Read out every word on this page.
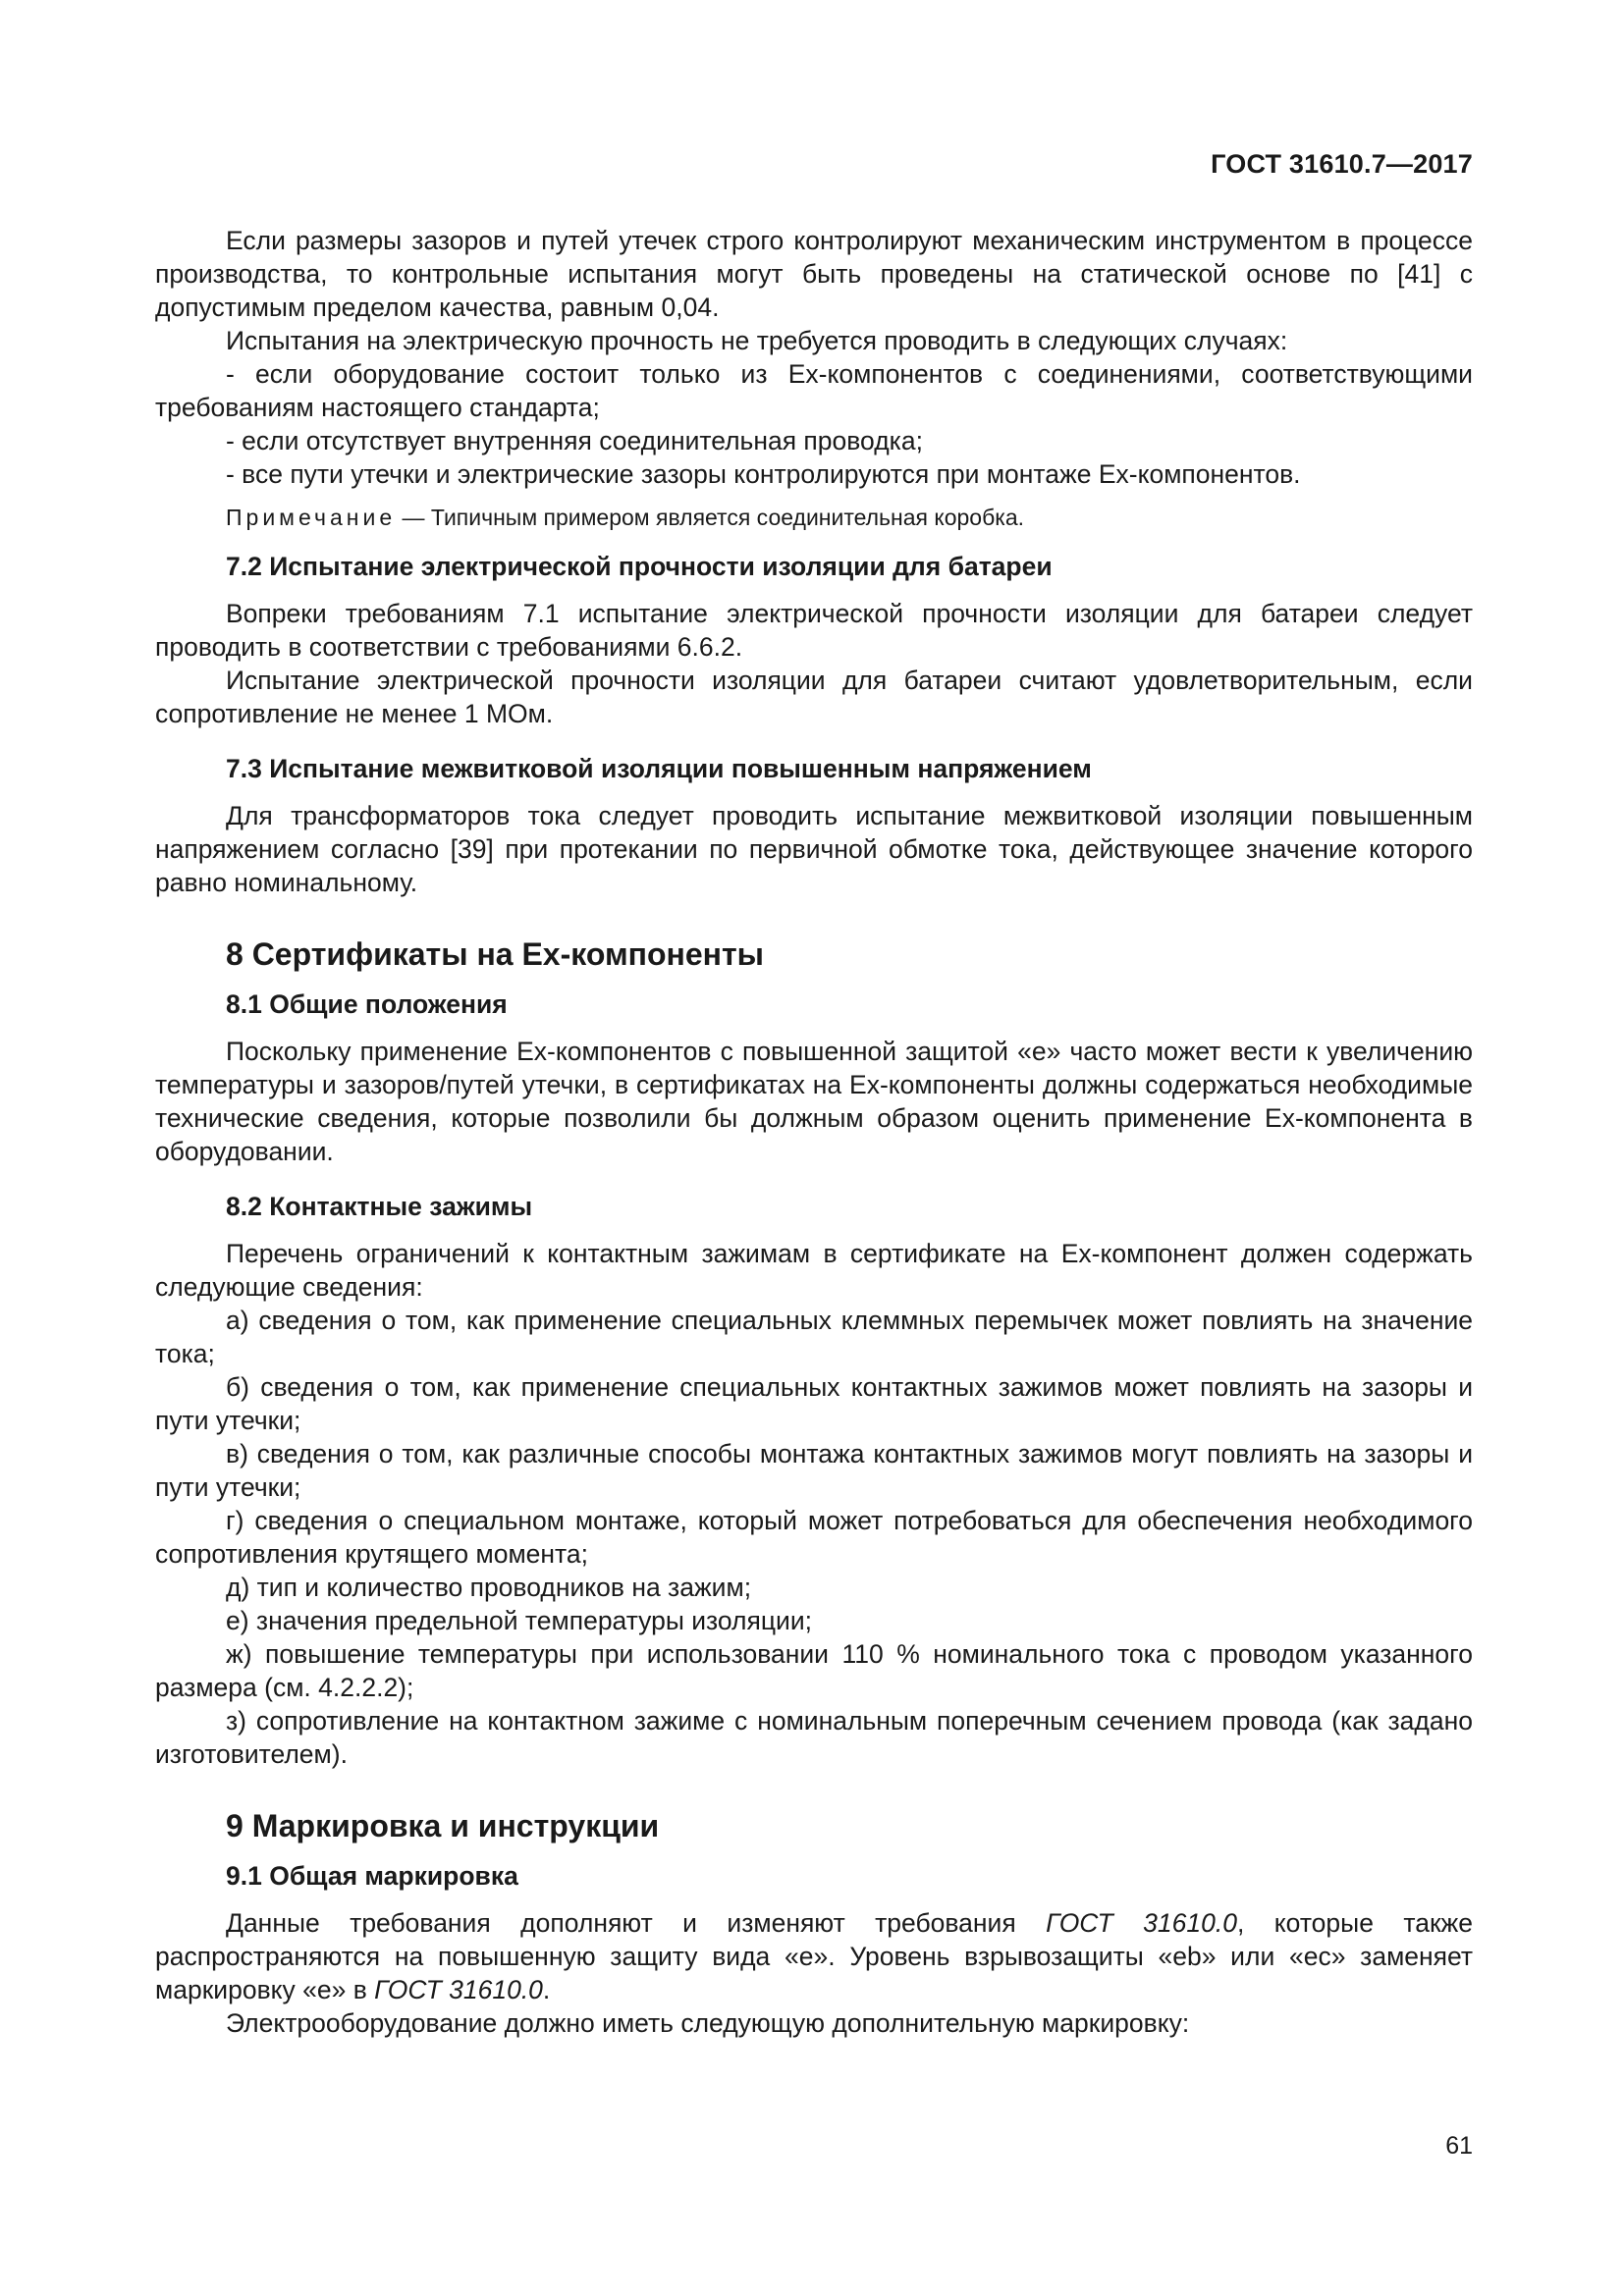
ГОСТ 31610.7—2017

Если размеры зазоров и путей утечек строго контролируют механическим инструментом в процессе производства, то контрольные испытания могут быть проведены на статической основе по [41] с допустимым пределом качества, равным 0,04.

Испытания на электрическую прочность не требуется проводить в следующих случаях:

- если оборудование состоит только из Ex-компонентов с соединениями, соответствующими требованиям настоящего стандарта;

- если отсутствует внутренняя соединительная проводка;

- все пути утечки и электрические зазоры контролируются при монтаже Ex-компонентов.

Примечание — Типичным примером является соединительная коробка.

7.2 Испытание электрической прочности изоляции для батареи

Вопреки требованиям 7.1 испытание электрической прочности изоляции для батареи следует проводить в соответствии с требованиями 6.6.2.

Испытание электрической прочности изоляции для батареи считают удовлетворительным, если сопротивление не менее 1 МОм.

7.3 Испытание межвитковой изоляции повышенным напряжением

Для трансформаторов тока следует проводить испытание межвитковой изоляции повышенным напряжением согласно [39] при протекании по первичной обмотке тока, действующее значение которого равно номинальному.

8 Сертификаты на Ex-компоненты
8.1 Общие положения

Поскольку применение Ex-компонентов с повышенной защитой «е» часто может вести к увеличению температуры и зазоров/путей утечки, в сертификатах на Ex-компоненты должны содержаться необходимые технические сведения, которые позволили бы должным образом оценить применение Ex-компонента в оборудовании.

8.2 Контактные зажимы

Перечень ограничений к контактным зажимам в сертификате на Ex-компонент должен содержать следующие сведения:

а) сведения о том, как применение специальных клеммных перемычек может повлиять на значение тока;

б) сведения о том, как применение специальных контактных зажимов может повлиять на зазоры и пути утечки;

в) сведения о том, как различные способы монтажа контактных зажимов могут повлиять на зазоры и пути утечки;

г) сведения о специальном монтаже, который может потребоваться для обеспечения необходимого сопротивления крутящего момента;

д) тип и количество проводников на зажим;

е) значения предельной температуры изоляции;

ж) повышение температуры при использовании 110 % номинального тока с проводом указанного размера (см. 4.2.2.2);

з) сопротивление на контактном зажиме с номинальным поперечным сечением провода (как задано изготовителем).

9 Маркировка и инструкции
9.1 Общая маркировка

Данные требования дополняют и изменяют требования ГОСТ 31610.0, которые также распространяются на повышенную защиту вида «е». Уровень взрывозащиты «eb» или «ec» заменяет маркировку «е» в ГОСТ 31610.0.

Электрооборудование должно иметь следующую дополнительную маркировку:

61
